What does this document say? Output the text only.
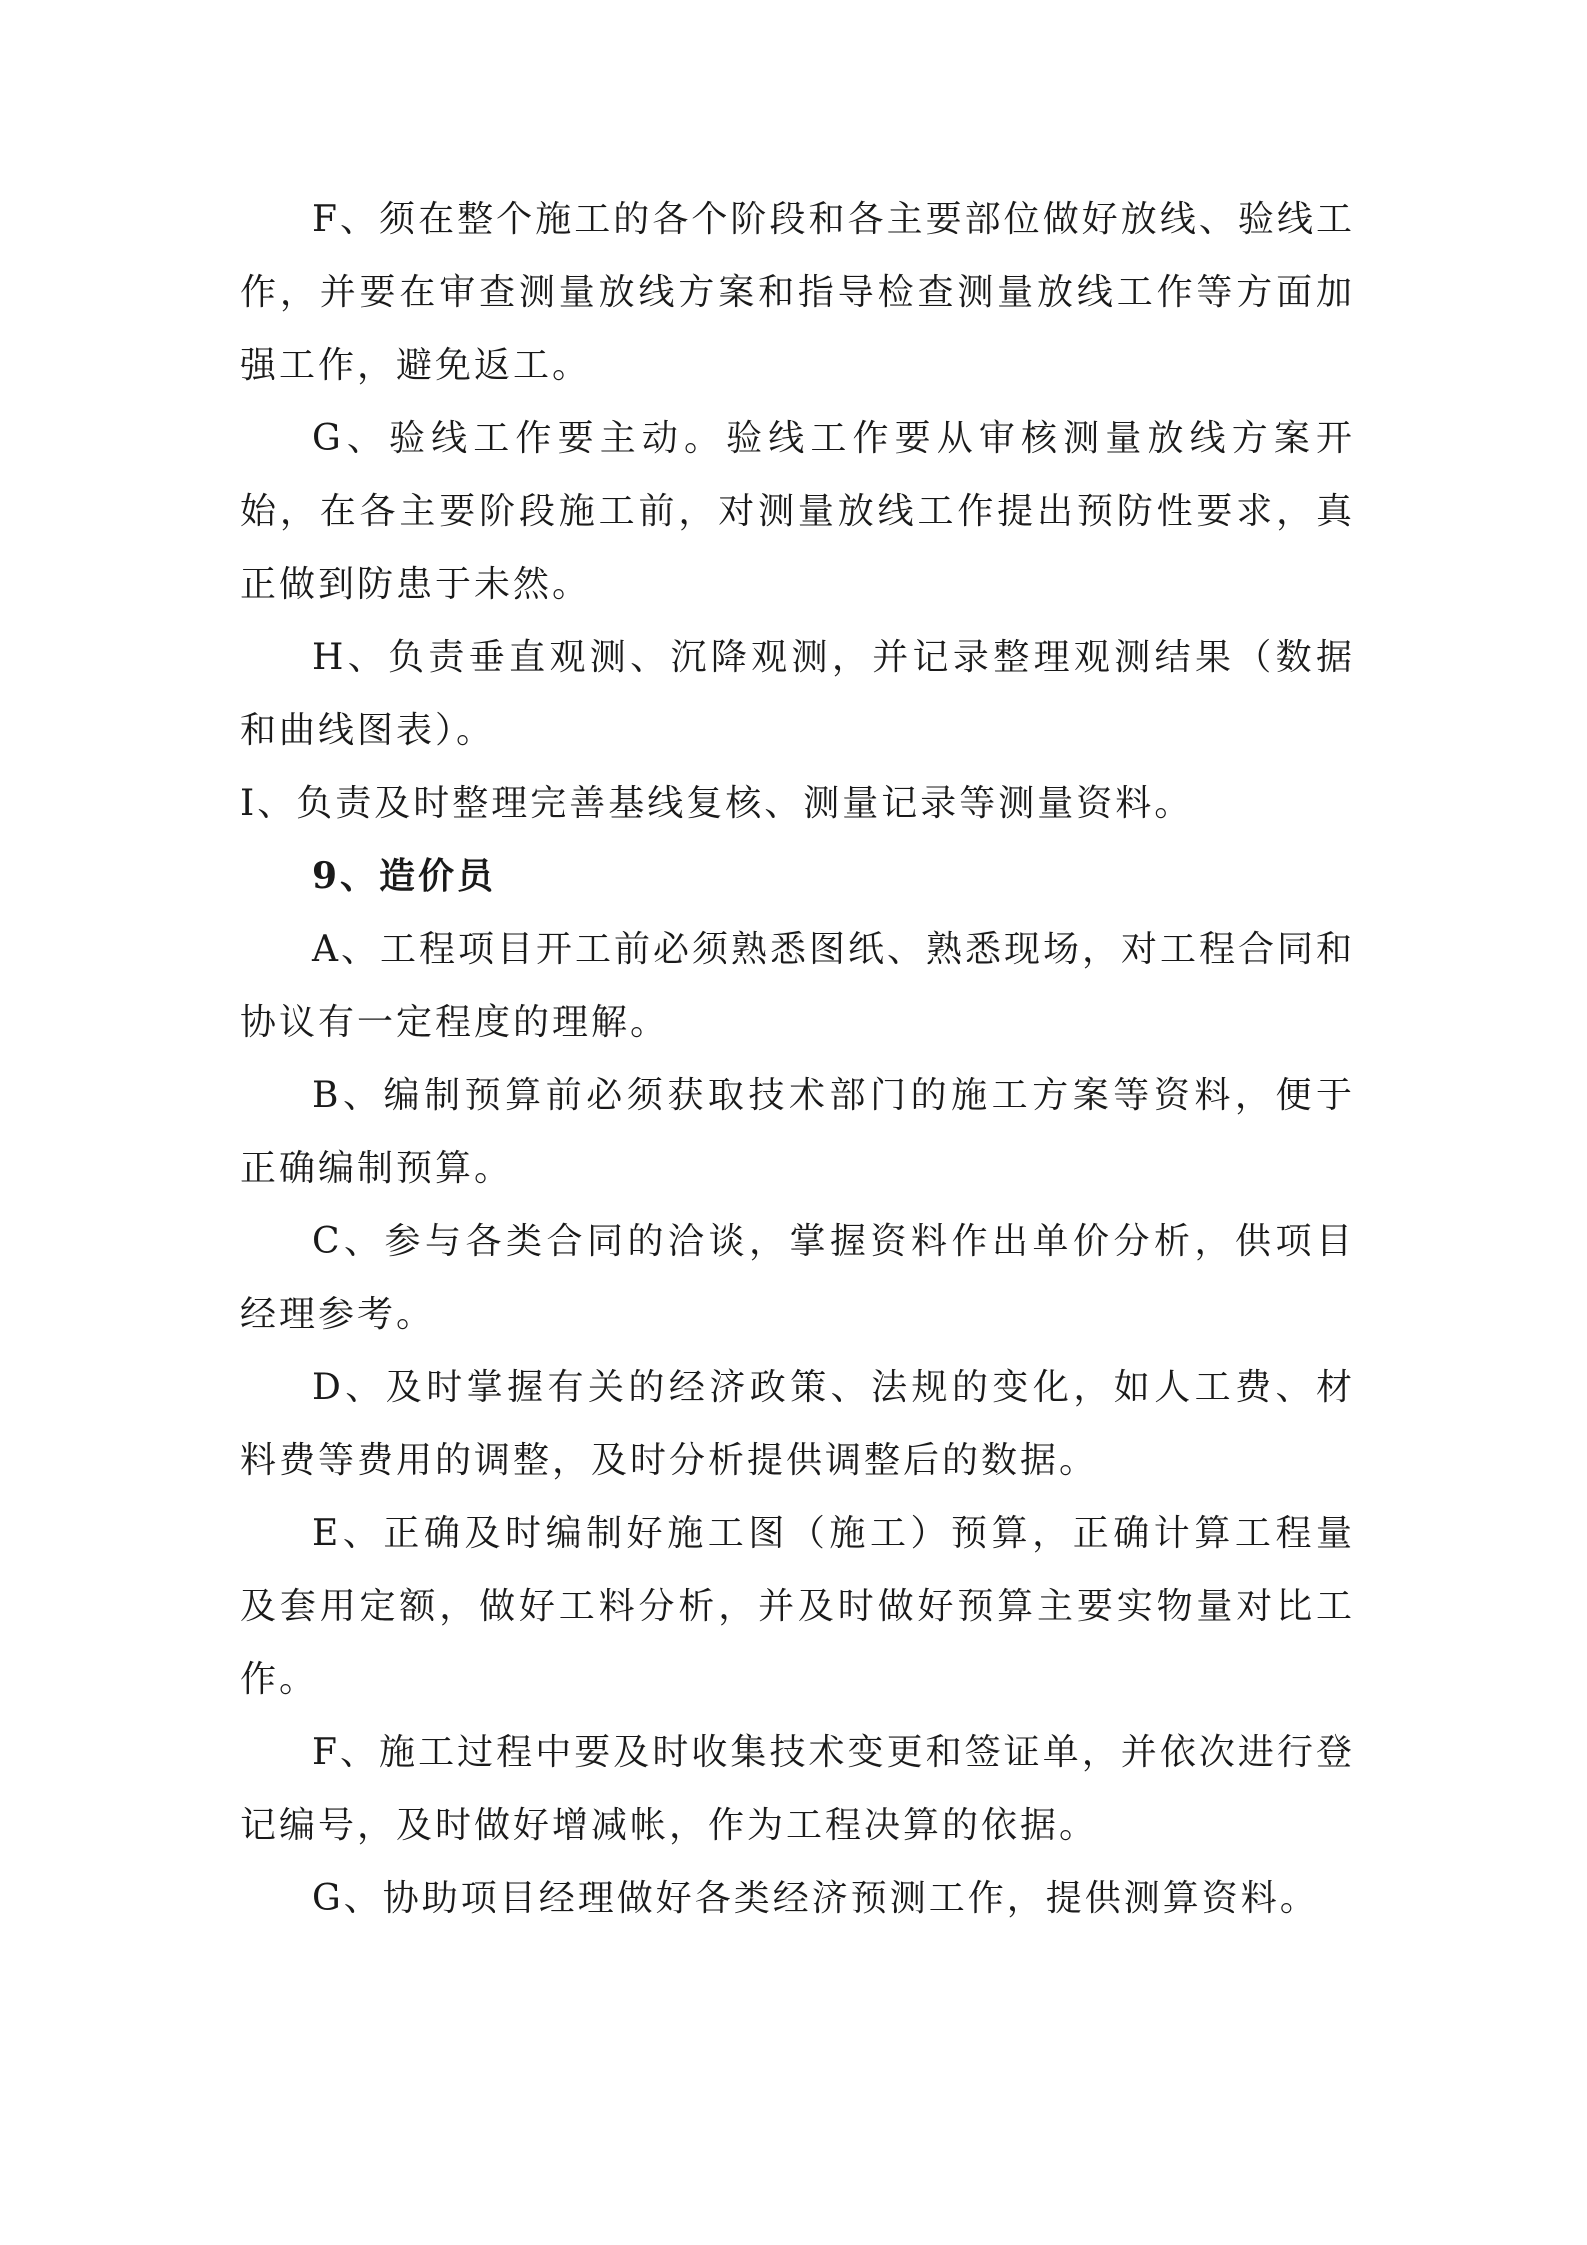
F、须在整个施工的各个阶段和各主要部位做好放线、验线工作，并要在审查测量放线方案和指导检查测量放线工作等方面加强工作，避免返工。

G、验线工作要主动。验线工作要从审核测量放线方案开始，在各主要阶段施工前，对测量放线工作提出预防性要求，真正做到防患于未然。

H、负责垂直观测、沉降观测，并记录整理观测结果（数据和曲线图表）。

I、负责及时整理完善基线复核、测量记录等测量资料。

9、造价员

A、工程项目开工前必须熟悉图纸、熟悉现场，对工程合同和协议有一定程度的理解。

B、编制预算前必须获取技术部门的施工方案等资料，便于正确编制预算。

C、参与各类合同的洽谈，掌握资料作出单价分析，供项目经理参考。

D、及时掌握有关的经济政策、法规的变化，如人工费、材料费等费用的调整，及时分析提供调整后的数据。

E、正确及时编制好施工图（施工）预算，正确计算工程量及套用定额，做好工料分析，并及时做好预算主要实物量对比工作。

F、施工过程中要及时收集技术变更和签证单，并依次进行登记编号，及时做好增减帐，作为工程决算的依据。

G、协助项目经理做好各类经济预测工作，提供测算资料。
